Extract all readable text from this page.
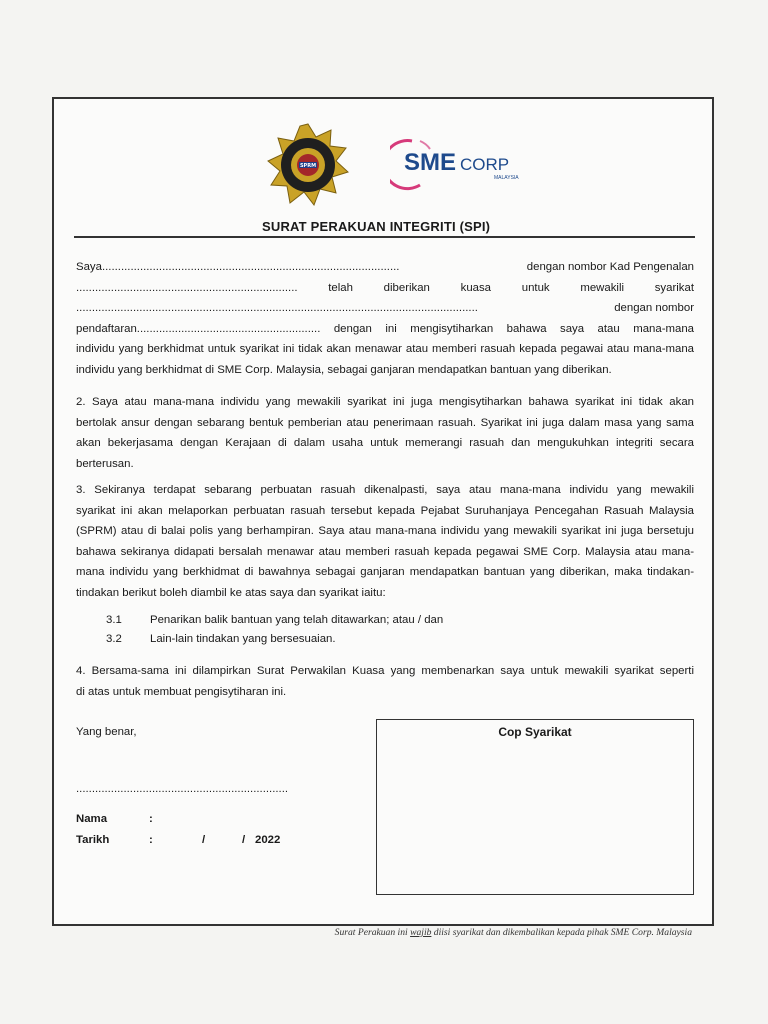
SPRM	SME CORP
MALAYSIA
SURAT PERAKUAN INTEGRITI (SPI)
Saya..............................................................................................	dengan nombor Kad Pengenalan
......................................................................	telah	diberikan	kuasa	untuk	mewakili	syarikat
...............................................................................................................................	dengan nombor
pendaftaran.......................................................... dengan ini mengisytiharkan bahawa saya atau mana-mana
individu yang berkhidmat untuk syarikat ini tidak akan menawar atau memberi rasuah kepada pegawai atau mana-mana
individu yang berkhidmat di SME Corp. Malaysia, sebagai ganjaran mendapatkan bantuan yang diberikan.
2. Saya atau mana-mana individu yang mewakili syarikat ini juga mengisytiharkan bahawa syarikat ini tidak akan
bertolak ansur dengan sebarang bentuk pemberian atau penerimaan rasuah. Syarikat ini juga dalam masa yang sama
akan bekerjasama dengan Kerajaan di dalam usaha untuk memerangi rasuah dan mengukuhkan integriti secara
berterusan.
3. Sekiranya terdapat sebarang perbuatan rasuah dikenalpasti, saya atau mana-mana individu yang mewakili
syarikat ini akan melaporkan perbuatan rasuah tersebut kepada Pejabat Suruhanjaya Pencegahan Rasuah Malaysia
(SPRM) atau di balai polis yang berhampiran. Saya atau mana-mana individu yang mewakili syarikat ini juga bersetuju
bahawa sekiranya didapati bersalah menawar atau memberi rasuah kepada pegawai SME Corp. Malaysia atau mana-
mana individu yang berkhidmat di bawahnya sebagai ganjaran mendapatkan bantuan yang diberikan, maka tindakan-
tindakan berikut boleh diambil ke atas saya dan syarikat iaitu:
3.1 Penarikan balik bantuan yang telah ditawarkan; atau / dan
3.2 Lain-lain tindakan yang bersesuaian.
4. Bersama-sama ini dilampirkan Surat Perwakilan Kuasa yang membenarkan saya untuk mewakili syarikat seperti
di atas untuk membuat pengisytiharan ini.
Yang benar,
...................................................................
Nama	:
Tarikh	:	/	/ 2022
Cop Syarikat
Surat Perakuan ini wajib diisi syarikat dan dikembalikan kepada pihak SME Corp. Malaysia
